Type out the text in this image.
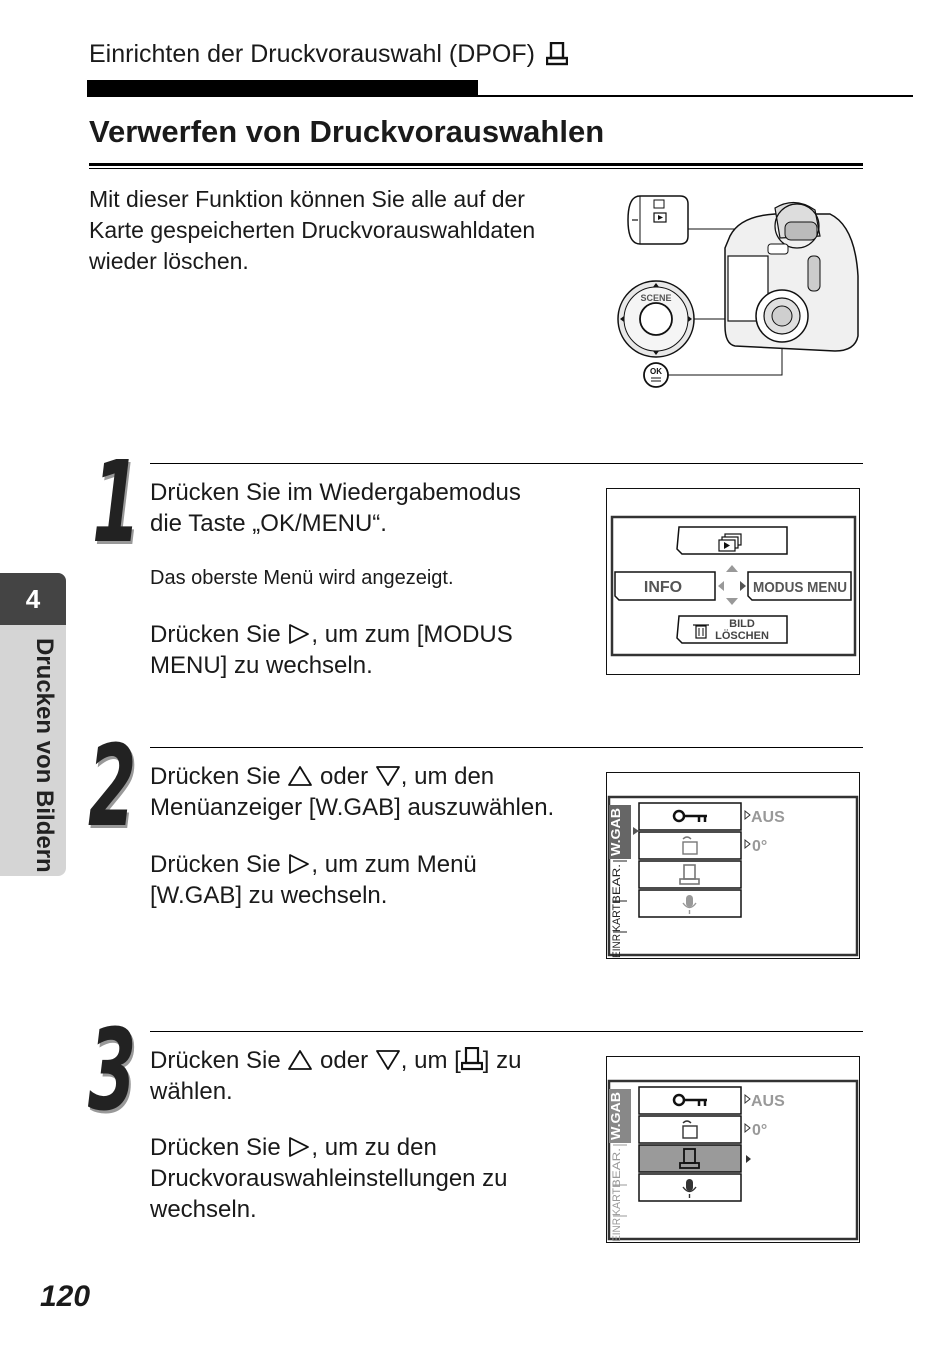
Einrichten der Druckvorauswahl (DPOF)
Verwerfen von Druckvorauswahlen
Mit dieser Funktion können Sie alle auf der
Karte gespeicherten Druckvorauswahldaten
wieder löschen.
SCENE
OK
4
Drucken von Bildern
1 Drücken Sie im Wiedergabemodus
die Taste „OK/MENU“.
Das oberste Menü wird angezeigt.
Drücken Sie , um zum [MODUS
MENU] zu wechseln.
INFO	MODUS MENU
BILD
LÖSCHEN
2 Drücken Sie  oder , um den
Menüanzeiger [W.GAB] auszuwählen.
Drücken Sie , um zum Menü
[W.GAB] zu wechseln.
W.GAB
BEAR.
KART
EINR
AUS
0°
3 Drücken Sie  oder , um [ ] zu
wählen.
Drücken Sie , um zu den
Druckvorauswahleinstellungen zu
wechseln.
W.GAB
BEAR.
KART
EINR
AUS
0°
120
